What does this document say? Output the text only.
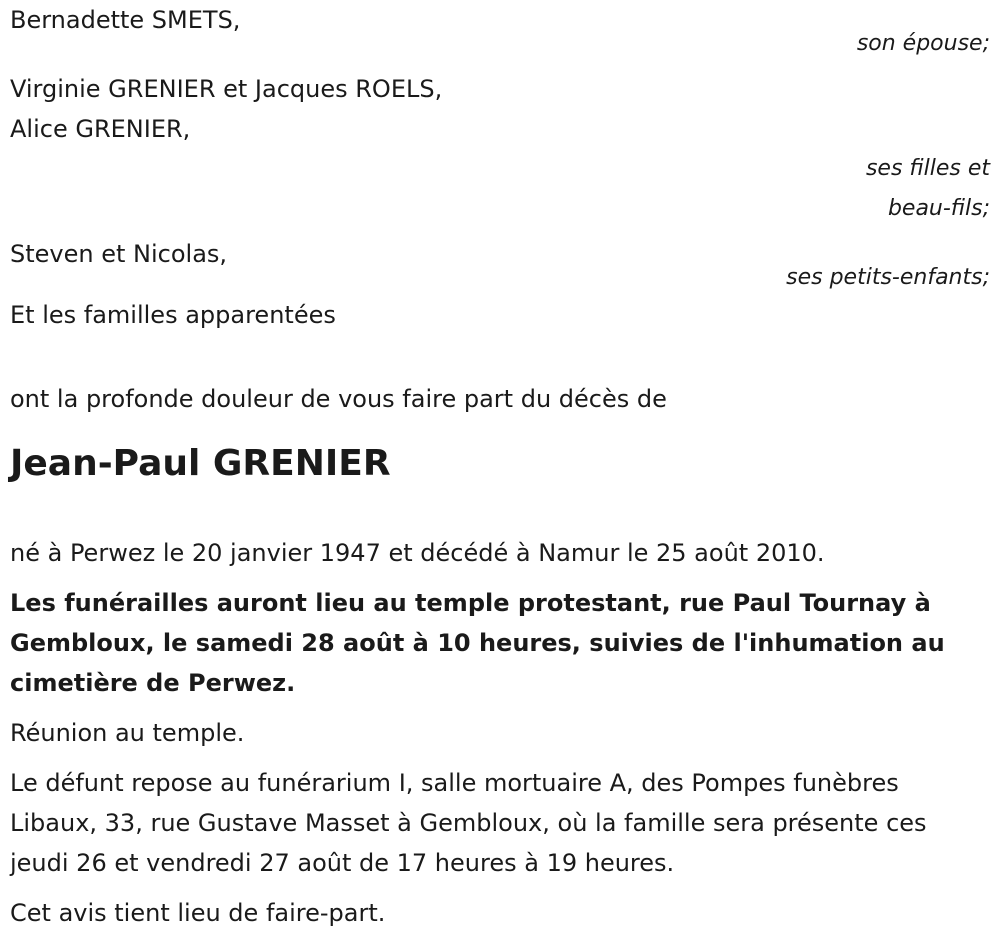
Bernadette SMETS,
son épouse;
Virginie GRENIER et Jacques ROELS,
Alice GRENIER,
ses filles et
beau-fils;
Steven et Nicolas,
ses petits-enfants;
Et les familles apparentées
ont la profonde douleur de vous faire part du décès de
Jean-Paul GRENIER
né à Perwez le 20 janvier 1947 et décédé à Namur le 25 août 2010.
Les funérailles auront lieu au temple protestant, rue Paul Tournay à Gembloux, le samedi 28 août à 10 heures, suivies de l'inhumation au cimetière de Perwez.
Réunion au temple.
Le défunt repose au funérarium I, salle mortuaire A, des Pompes funèbres Libaux, 33, rue Gustave Masset à Gembloux, où la famille sera présente ces jeudi 26 et vendredi 27 août de 17 heures à 19 heures.
Cet avis tient lieu de faire-part.
